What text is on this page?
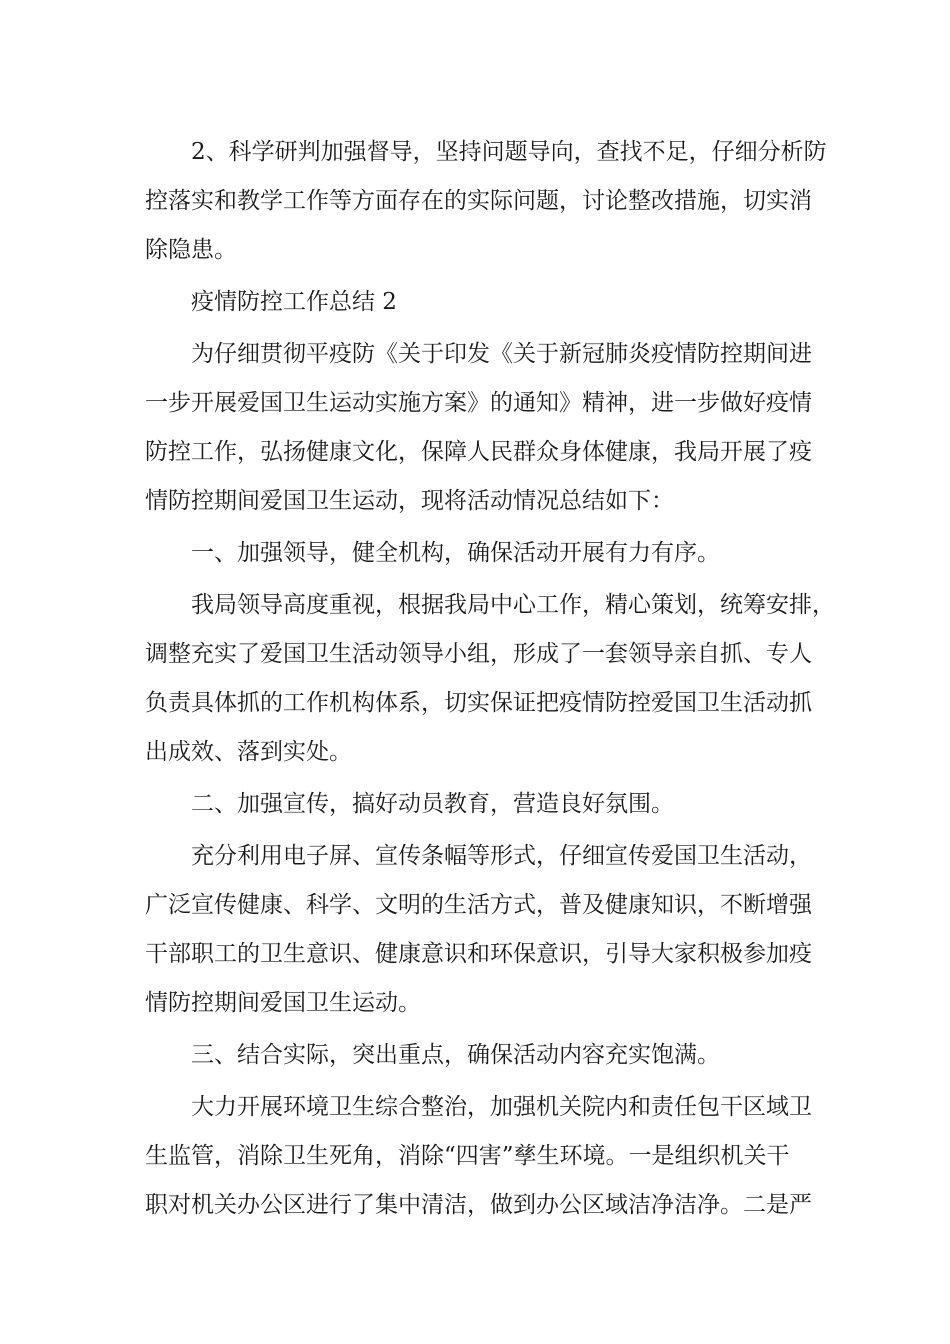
2、科学研判加强督导，坚持问题导向，查找不足，仔细分析防
控落实和教学工作等方面存在的实际问题，讨论整改措施，切实消
除隐患。

疫情防控工作总结 2

为仔细贯彻平疫防《关于印发《关于新冠肺炎疫情防控期间进
一步开展爱国卫生运动实施方案》的通知》精神，进一步做好疫情
防控工作，弘扬健康文化，保障人民群众身体健康，我局开展了疫
情防控期间爱国卫生运动，现将活动情况总结如下：

一、加强领导，健全机构，确保活动开展有力有序。

我局领导高度重视，根据我局中心工作，精心策划，统筹安排，
调整充实了爱国卫生活动领导小组，形成了一套领导亲自抓、专人
负责具体抓的工作机构体系，切实保证把疫情防控爱国卫生活动抓
出成效、落到实处。

二、加强宣传，搞好动员教育，营造良好氛围。

充分利用电子屏、宣传条幅等形式，仔细宣传爱国卫生活动，
广泛宣传健康、科学、文明的生活方式，普及健康知识，不断增强
干部职工的卫生意识、健康意识和环保意识，引导大家积极参加疫
情防控期间爱国卫生运动。

三、结合实际，突出重点，确保活动内容充实饱满。

大力开展环境卫生综合整治，加强机关院内和责任包干区域卫
生监管，消除卫生死角，消除“四害”孳生环境。一是组织机关干
职对机关办公区进行了集中清洁，做到办公区域洁净洁净。二是严
